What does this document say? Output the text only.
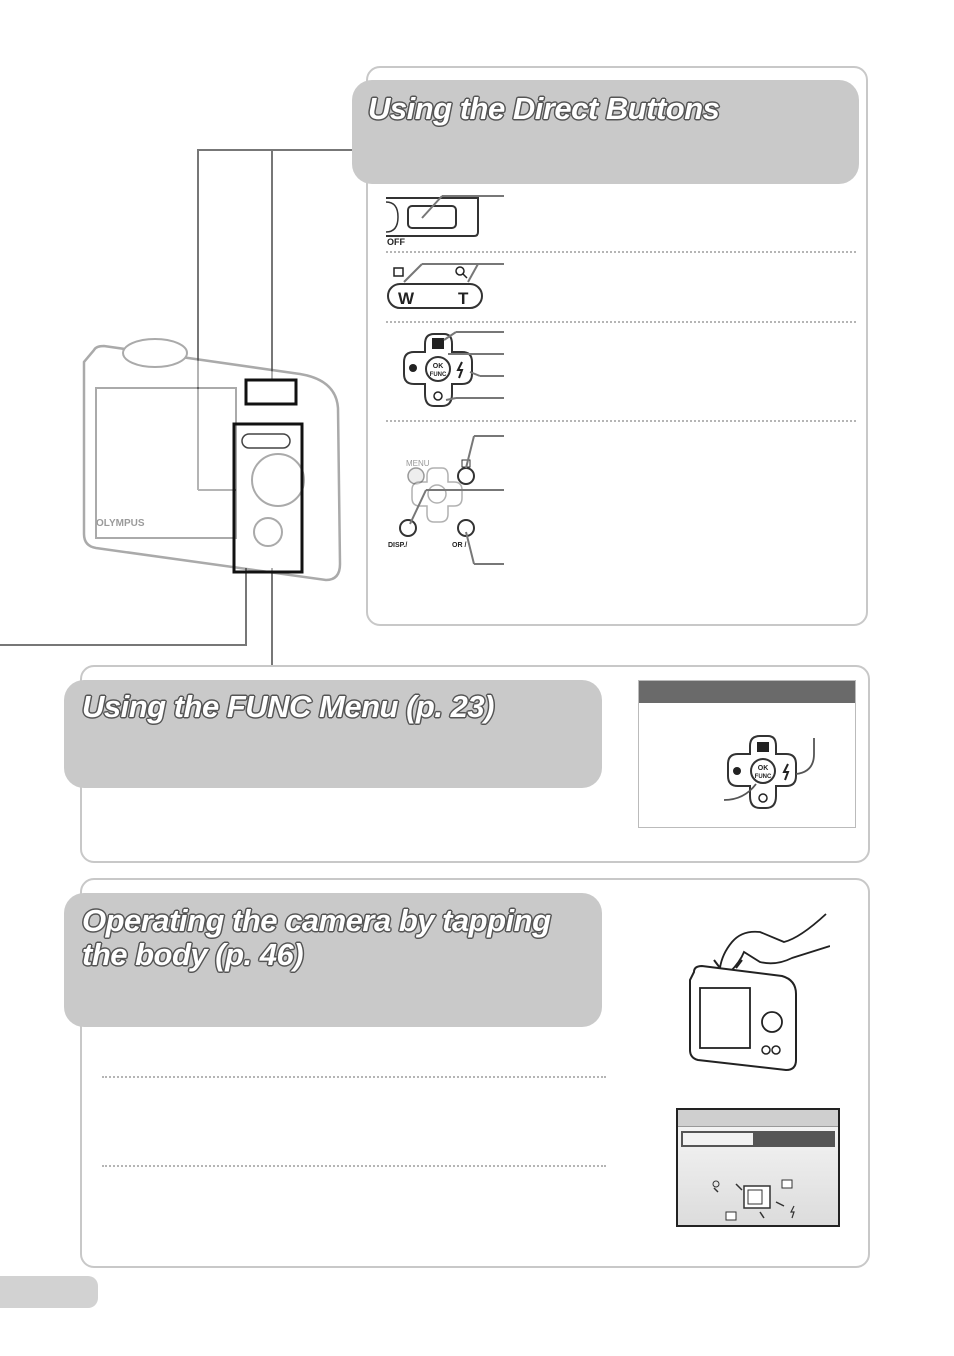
Using the Direct Buttons
OFF
W	T
OK
FUNC
MENU
DISP./	OR /
OLYMPUS
Using the FUNC Menu (p. 23)
OK
FUNC
Operating the camera by tapping the body (p. 46)
